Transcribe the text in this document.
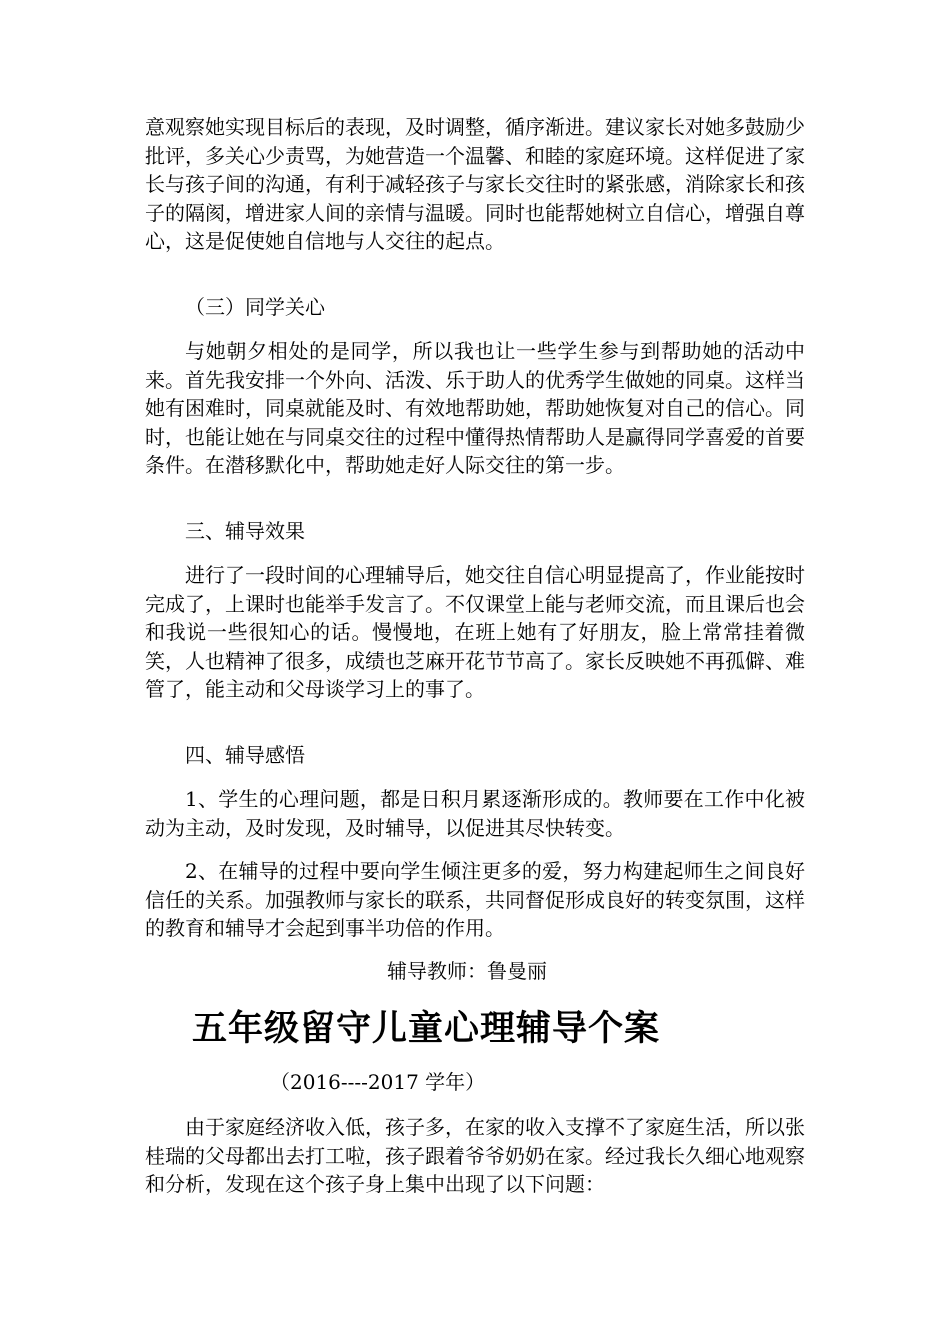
意观察她实现目标后的表现，及时调整，循序渐进。建议家长对她多鼓励少批评，多关心少责骂，为她营造一个温馨、和睦的家庭环境。这样促进了家长与孩子间的沟通，有利于减轻孩子与家长交往时的紧张感，消除家长和孩子的隔阂，增进家人间的亲情与温暖。同时也能帮她树立自信心，增强自尊心，这是促使她自信地与人交往的起点。

（三）同学关心

与她朝夕相处的是同学，所以我也让一些学生参与到帮助她的活动中来。首先我安排一个外向、活泼、乐于助人的优秀学生做她的同桌。这样当她有困难时，同桌就能及时、有效地帮助她，帮助她恢复对自己的信心。同时，也能让她在与同桌交往的过程中懂得热情帮助人是赢得同学喜爱的首要条件。在潜移默化中，帮助她走好人际交往的第一步。

三、辅导效果

进行了一段时间的心理辅导后，她交往自信心明显提高了，作业能按时完成了，上课时也能举手发言了。不仅课堂上能与老师交流，而且课后也会和我说一些很知心的话。慢慢地，在班上她有了好朋友，脸上常常挂着微笑，人也精神了很多，成绩也芝麻开花节节高了。家长反映她不再孤僻、难管了，能主动和父母谈学习上的事了。

四、辅导感悟

1、学生的心理问题，都是日积月累逐渐形成的。教师要在工作中化被动为主动，及时发现，及时辅导，以促进其尽快转变。

2、在辅导的过程中要向学生倾注更多的爱，努力构建起师生之间良好信任的关系。加强教师与家长的联系，共同督促形成良好的转变氛围，这样的教育和辅导才会起到事半功倍的作用。

辅导教师：鲁曼丽

五年级留守儿童心理辅导个案

（2016----2017 学年）

由于家庭经济收入低，孩子多，在家的收入支撑不了家庭生活，所以张桂瑞的父母都出去打工啦，孩子跟着爷爷奶奶在家。经过我长久细心地观察和分析，发现在这个孩子身上集中出现了以下问题：
